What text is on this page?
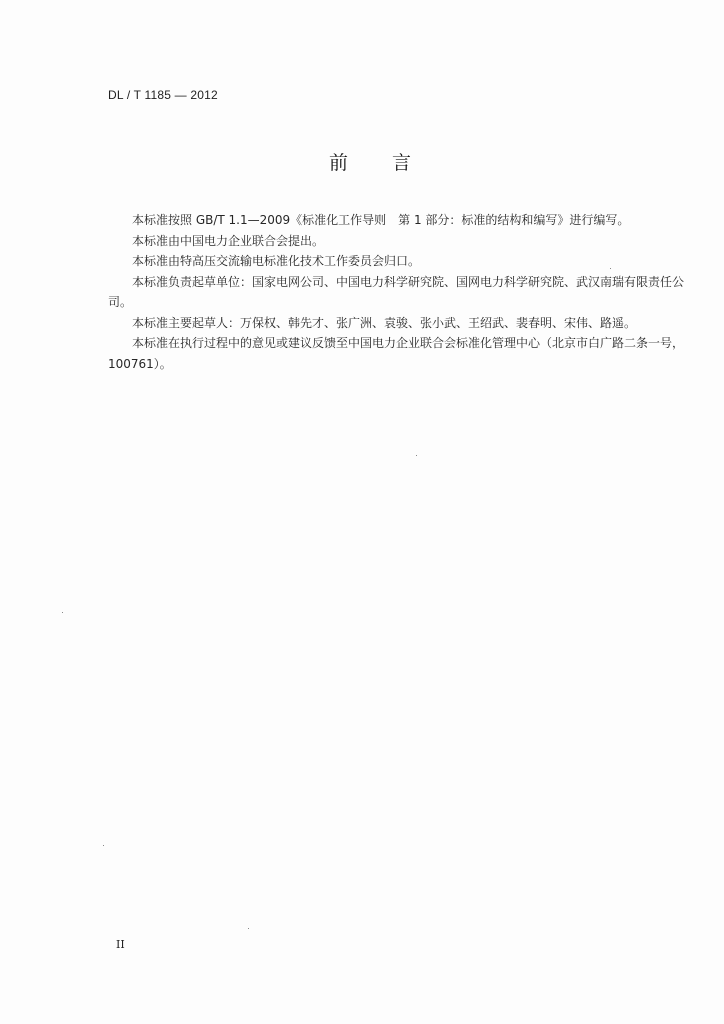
DL / T 1185 — 2012
前言

本标准按照 GB/T 1.1—2009《标准化工作导则　第 1 部分：标准的结构和编写》进行编写。

本标准由中国电力企业联合会提出。

本标准由特高压交流输电标准化技术工作委员会归口。

本标准负责起草单位：国家电网公司、中国电力科学研究院、国网电力科学研究院、武汉南瑞有限责任公司。

本标准主要起草人：万保权、韩先才、张广洲、袁骏、张小武、王绍武、裴春明、宋伟、路遥。

本标准在执行过程中的意见或建议反馈至中国电力企业联合会标准化管理中心（北京市白广路二条一号，100761）。

II
